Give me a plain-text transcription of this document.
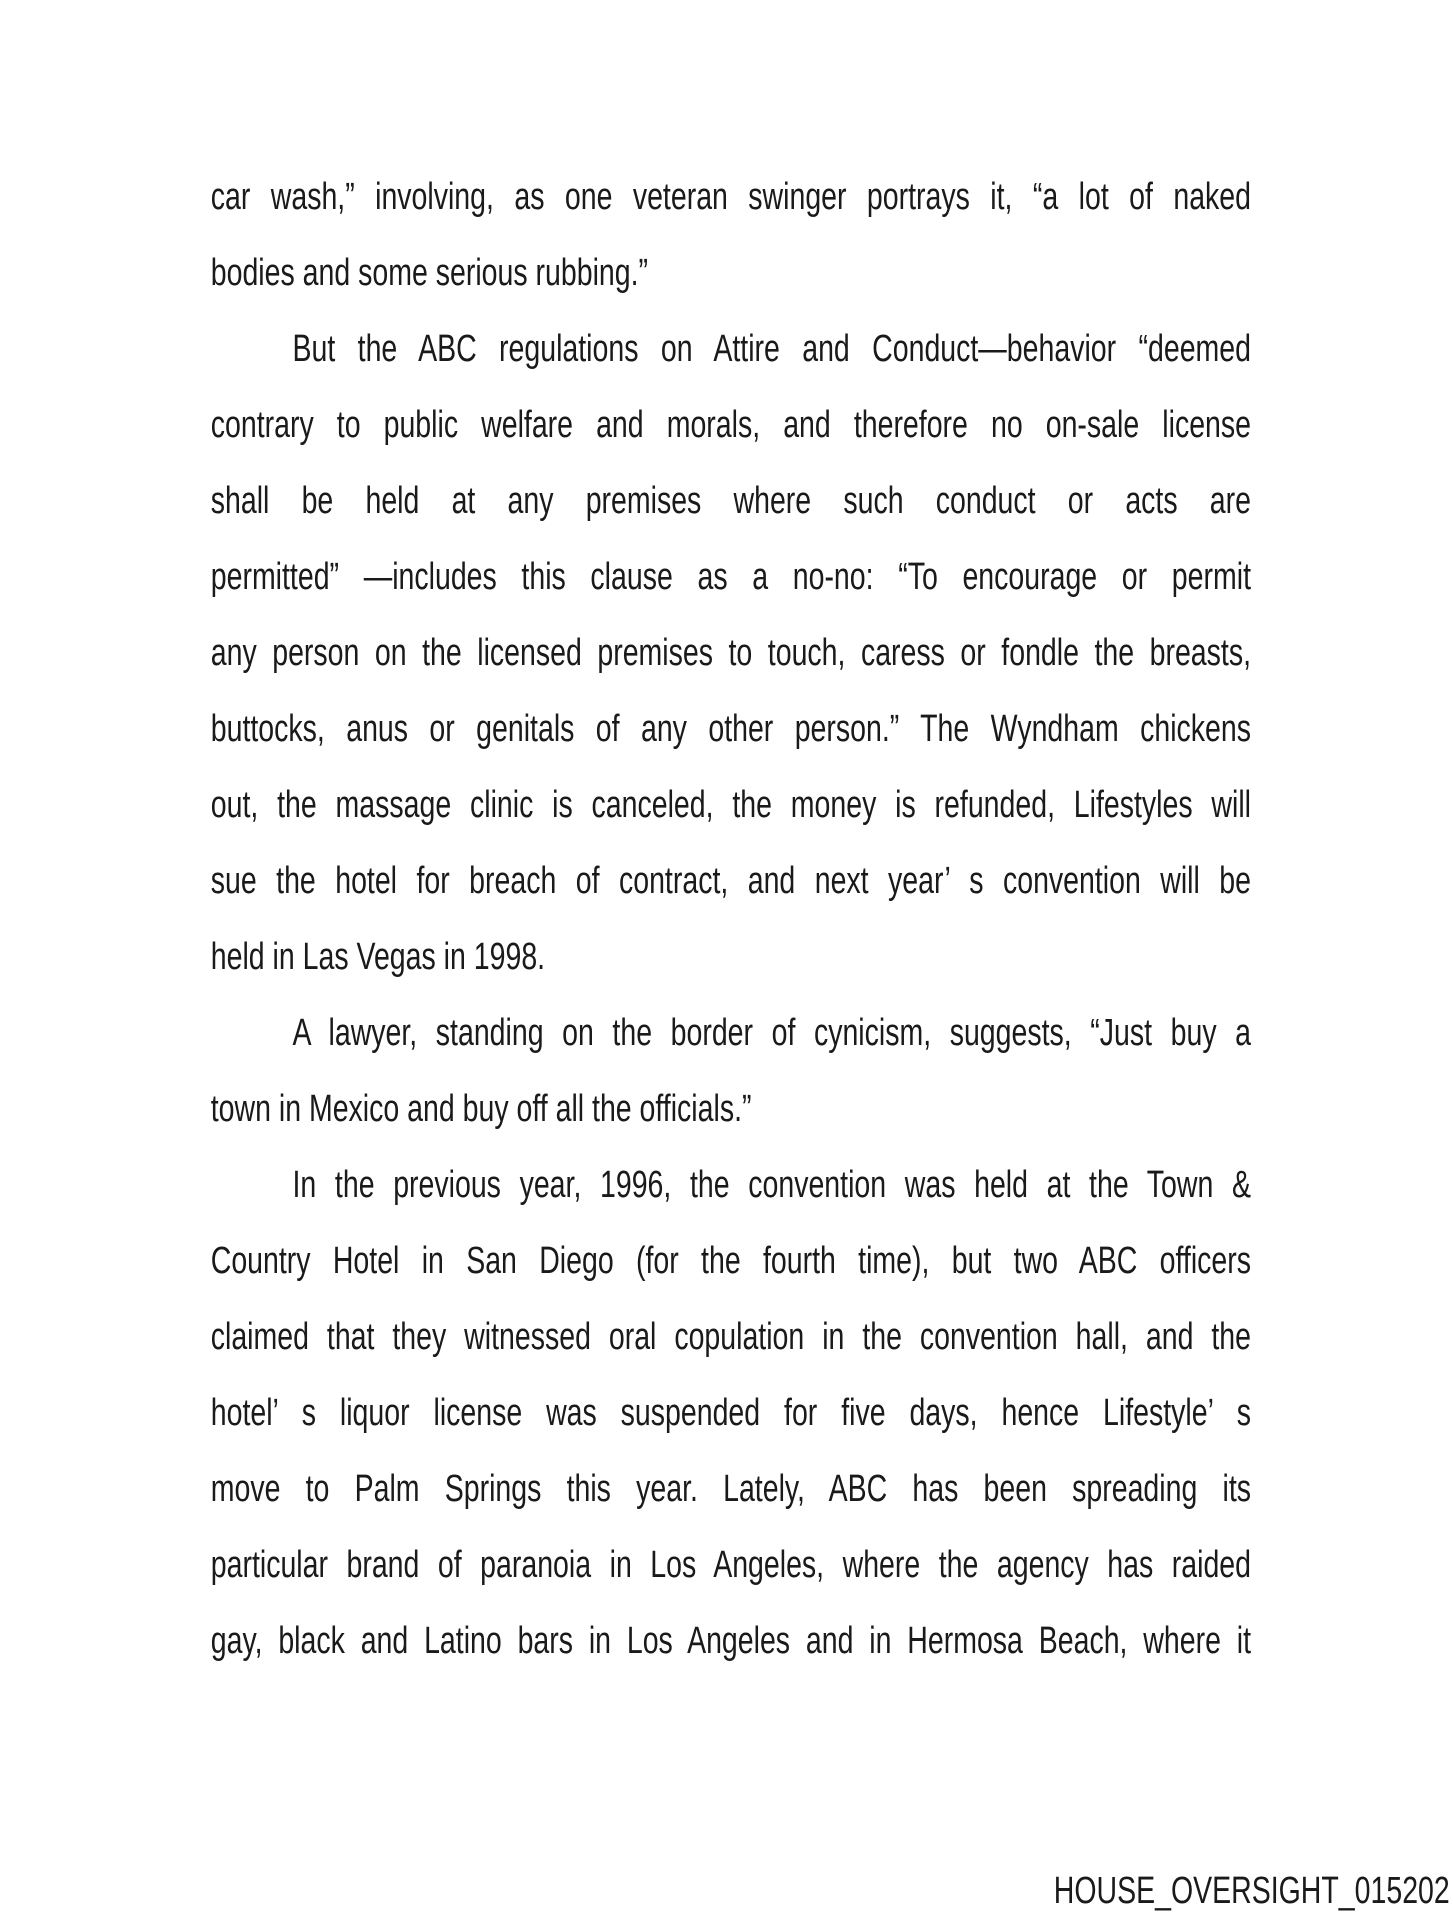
car wash,” involving, as one veteran swinger portrays it, “a lot of naked
bodies and some serious rubbing.”
But the ABC regulations on Attire and Conduct—behavior “deemed
contrary to public welfare and morals, and therefore no on-sale license
shall be held at any premises where such conduct or acts are
permitted” —includes this clause as a no-no: “To encourage or permit
any person on the licensed premises to touch, caress or fondle the breasts,
buttocks, anus or genitals of any other person.” The Wyndham chickens
out, the massage clinic is canceled, the money is refunded, Lifestyles will
sue the hotel for breach of contract, and next year’ s convention will be
held in Las Vegas in 1998.
A lawyer, standing on the border of cynicism, suggests, “Just buy a
town in Mexico and buy off all the officials.”
In the previous year, 1996, the convention was held at the Town &
Country Hotel in San Diego (for the fourth time), but two ABC officers
claimed that they witnessed oral copulation in the convention hall, and the
hotel’ s liquor license was suspended for five days, hence Lifestyle’ s
move to Palm Springs this year. Lately, ABC has been spreading its
particular brand of paranoia in Los Angeles, where the agency has raided
gay, black and Latino bars in Los Angeles and in Hermosa Beach, where it
HOUSE_OVERSIGHT_015202
